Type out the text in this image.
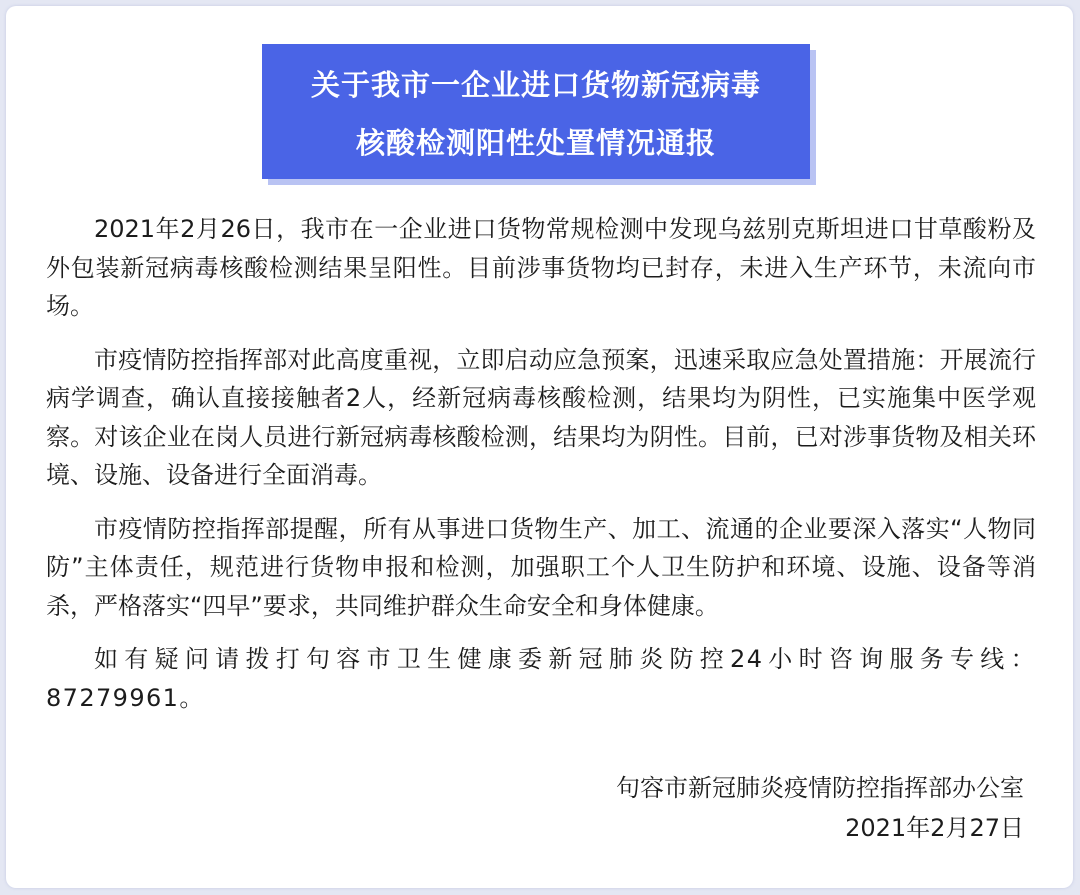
关于我市一企业进口货物新冠病毒
核酸检测阳性处置情况通报

2021年2月26日，我市在一企业进口货物常规检测中发现乌兹别克斯坦进口甘草酸粉及外包装新冠病毒核酸检测结果呈阳性。目前涉事货物均已封存，未进入生产环节，未流向市场。

市疫情防控指挥部对此高度重视，立即启动应急预案，迅速采取应急处置措施：开展流行病学调查，确认直接接触者2人，经新冠病毒核酸检测，结果均为阴性，已实施集中医学观察。对该企业在岗人员进行新冠病毒核酸检测，结果均为阴性。目前，已对涉事货物及相关环境、设施、设备进行全面消毒。

市疫情防控指挥部提醒，所有从事进口货物生产、加工、流通的企业要深入落实“人物同防”主体责任，规范进行货物申报和检测，加强职工个人卫生防护和环境、设施、设备等消杀，严格落实“四早”要求，共同维护群众生命安全和身体健康。

如有疑问请拨打句容市卫生健康委新冠肺炎防控24小时咨询服务专线：87279961。

句容市新冠肺炎疫情防控指挥部办公室
2021年2月27日
